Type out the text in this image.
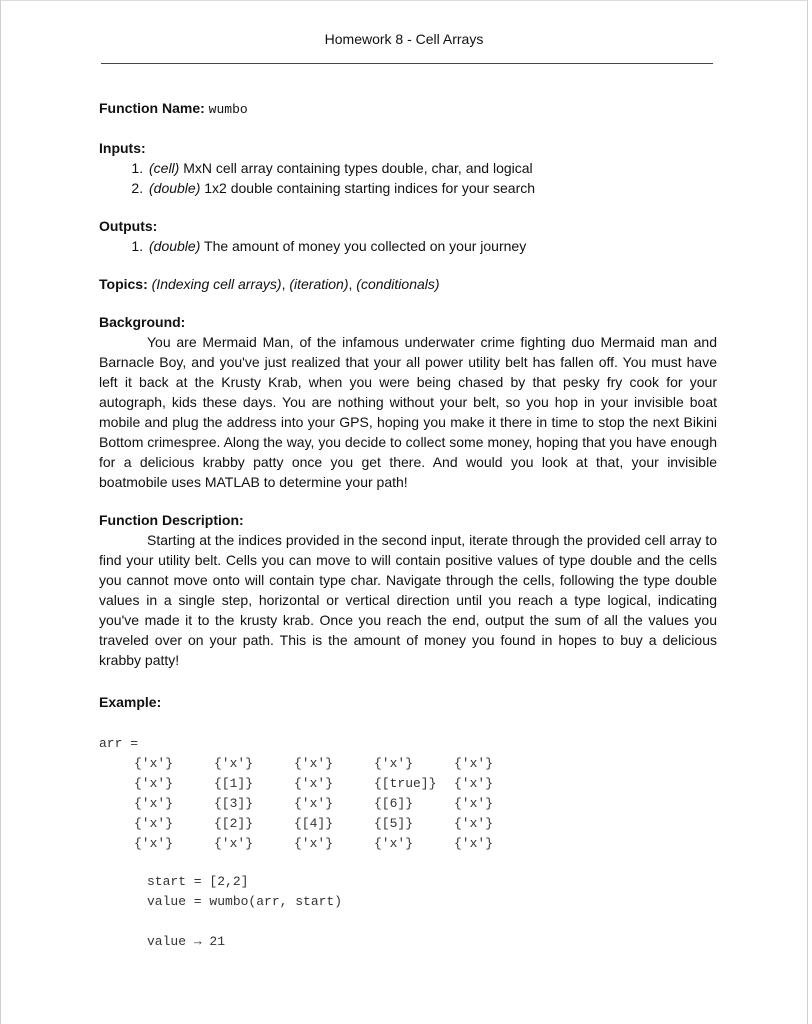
Homework 8 - Cell Arrays

Function Name: wumbo

Inputs:

1. (cell) MxN cell array containing types double, char, and logical
2. (double) 1x2 double containing starting indices for your search

Outputs:

1. (double) The amount of money you collected on your journey

Topics: (Indexing cell arrays), (iteration), (conditionals)

Background:

You are Mermaid Man, of the infamous underwater crime fighting duo Mermaid man and Barnacle Boy, and you've just realized that your all power utility belt has fallen off. You must have left it back at the Krusty Krab, when you were being chased by that pesky fry cook for your autograph, kids these days. You are nothing without your belt, so you hop in your invisible boat mobile and plug the address into your GPS, hoping you make it there in time to stop the next Bikini Bottom crimespree. Along the way, you decide to collect some money, hoping that you have enough for a delicious krabby patty once you get there. And would you look at that, your invisible boatmobile uses MATLAB to determine your path!

Function Description:

Starting at the indices provided in the second input, iterate through the provided cell array to find your utility belt. Cells you can move to will contain positive values of type double and the cells you cannot move onto will contain type char. Navigate through the cells, following the type double values in a single step, horizontal or vertical direction until you reach a type logical, indicating you've made it to the krusty krab. Once you reach the end, output the sum of all the values you traveled over on your path. This is the amount of money you found in hopes to buy a delicious krabby patty!

Example:

arr =
{'x'}	{'x'}	{'x'}	{'x'}	{'x'}
{'x'}	{[1]}	{'x'}	{[true]}	{'x'}
{'x'}	{[3]}	{'x'}	{[6]}	{'x'}
{'x'}	{[2]}	{[4]}	{[5]}	{'x'}
{'x'}	{'x'}	{'x'}	{'x'}	{'x'}
start = [2,2]
value = wumbo(arr, start)
value → 21
